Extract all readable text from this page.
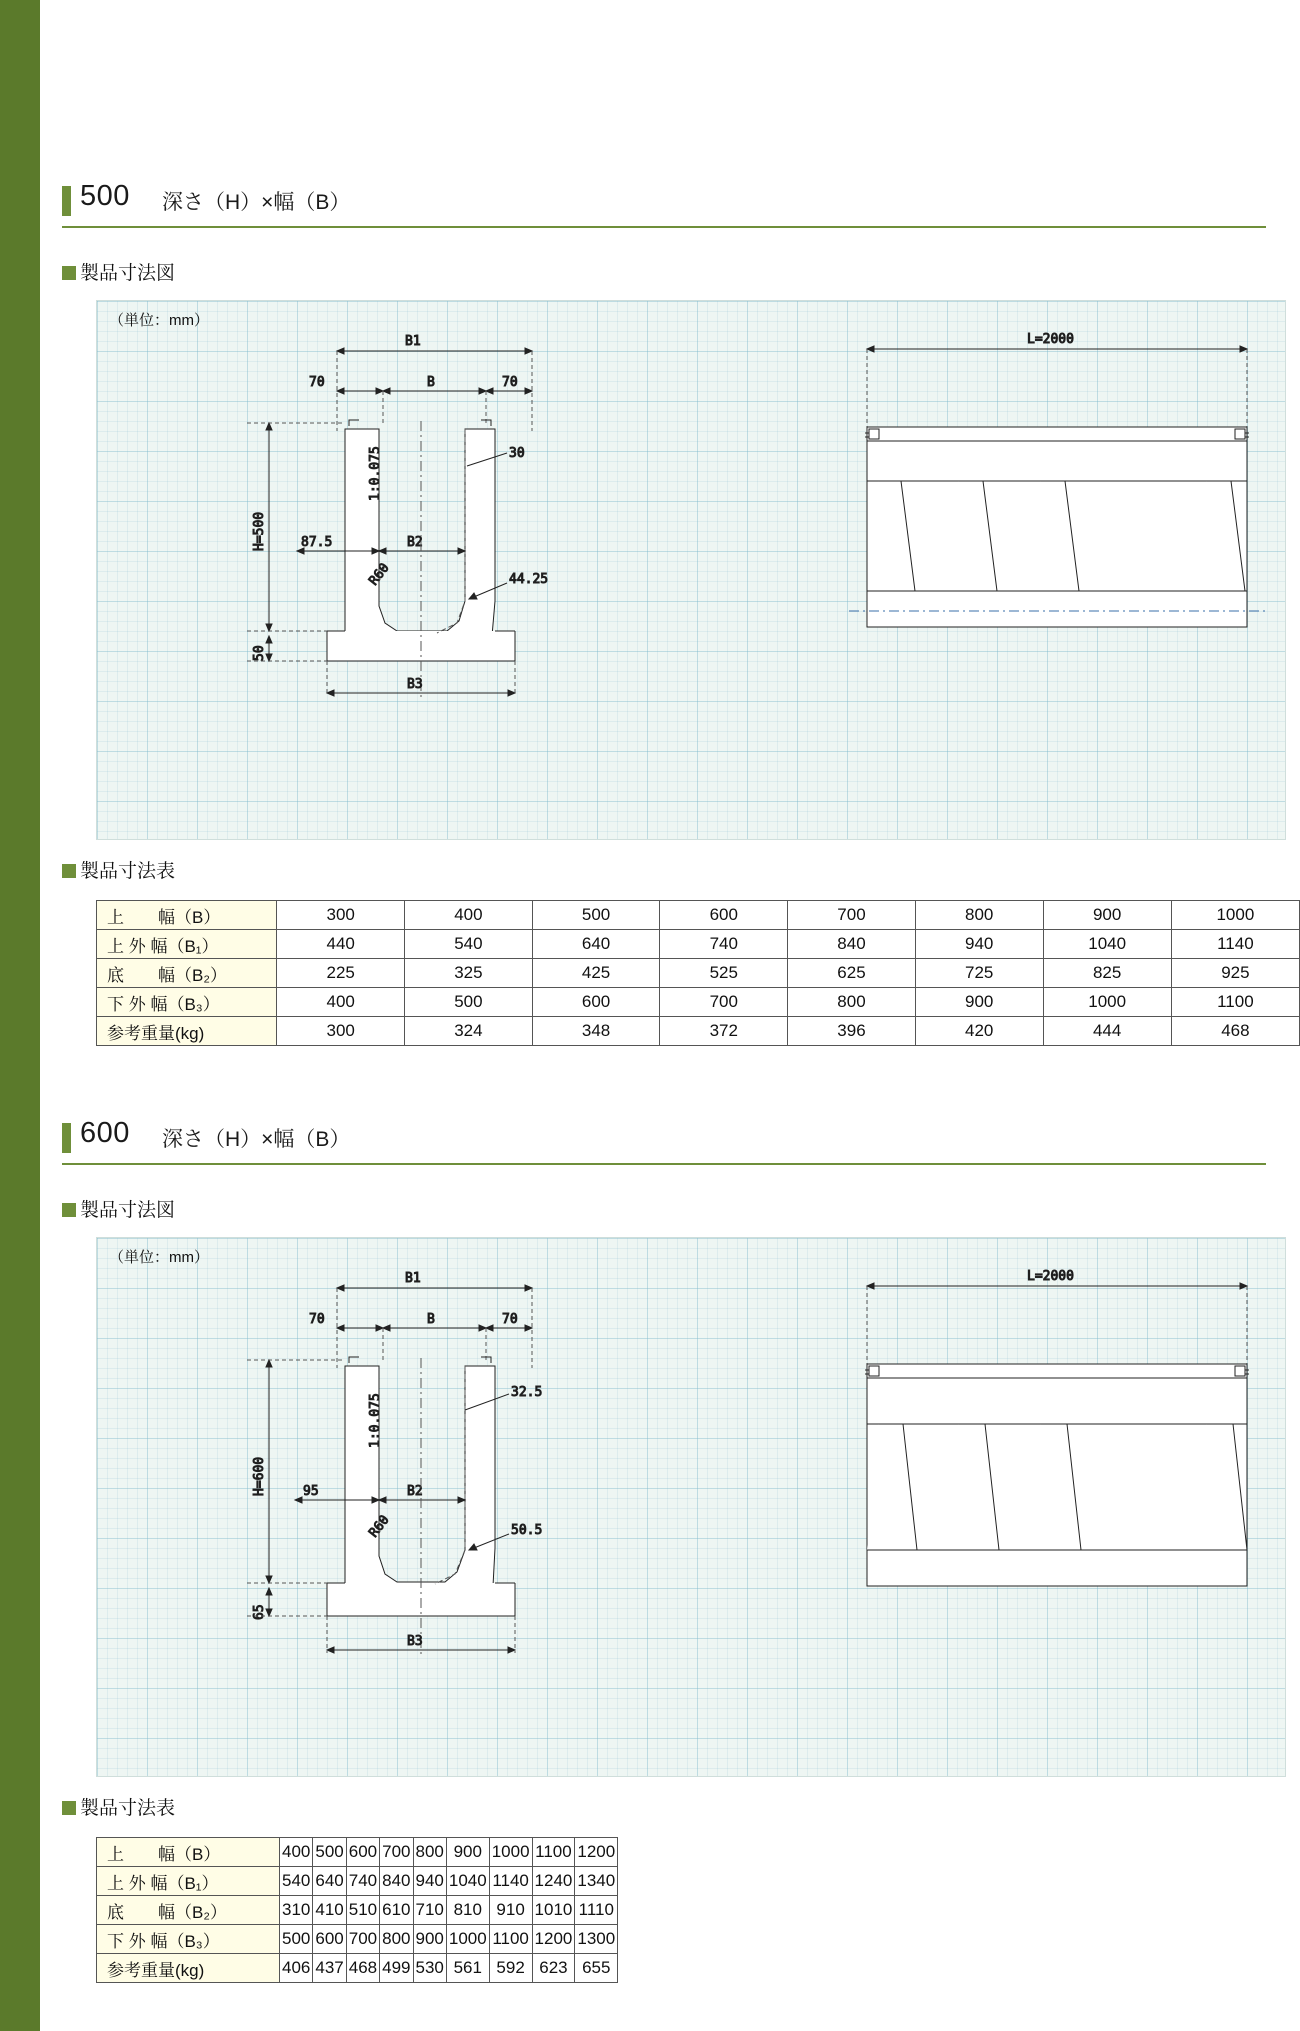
500 深さ（H）×幅（B）
製品寸法図
（単位：mm）
B1
70	B	70
H=500
50
1:0.075	30
87.5	B2
R60	44.25
B3
L=2000
製品寸法表
上　　幅（B）	300	400	500	600	700	800	900	1000
上 外 幅（B₁）	440	540	640	740	840	940	1040	1140
底　　幅（B₂）	225	325	425	525	625	725	825	925
下 外 幅（B₃）	400	500	600	700	800	900	1000	1100
参考重量(kg)	300	324	348	372	396	420	444	468
600 深さ（H）×幅（B）
製品寸法図
（単位：mm）
B1
70	B	70
H=600
65
1:0.075
32.5
95	B2
R60	50.5
B3
L=2000
製品寸法表
上　　幅（B）	400	500	600	700	800	900	1000	1100	1200
上 外 幅（B₁）	540	640	740	840	940	1040	1140	1240	1340
底　　幅（B₂）	310	410	510	610	710	810	910	1010	1110
下 外 幅（B₃）	500	600	700	800	900	1000	1100	1200	1300
参考重量(kg)	406	437	468	499	530	561	592	623	655
